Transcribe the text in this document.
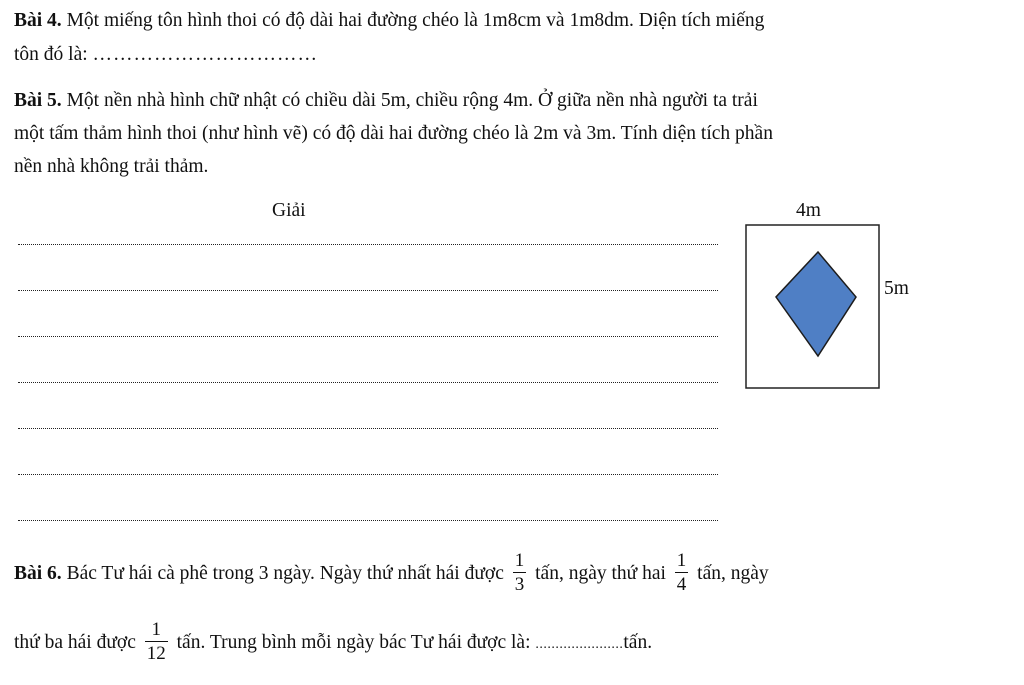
Bài 4. Một miếng tôn hình thoi có độ dài hai đường chéo là 1m8cm và 1m8dm. Diện tích miếng
tôn đó là: ……………………………
Bài 5. Một nền nhà hình chữ nhật có chiều dài 5m, chiều rộng 4m. Ở giữa nền nhà người ta trải
một tấm thảm hình thoi (như hình vẽ) có độ dài hai đường chéo là 2m và 3m. Tính diện tích phần
nền nhà không trải thảm.
Giải	4m
5m
Bài 6. Bác Tư hái cà phê trong 3 ngày. Ngày thứ nhất hái được $\frac{1}{3}$ tấn, ngày thứ hai $\frac{1}{4}$ tấn, ngày
thứ ba hái được $\frac{1}{12}$ tấn. Trung bình mỗi ngày bác Tư hái được là: ......................tấn.
